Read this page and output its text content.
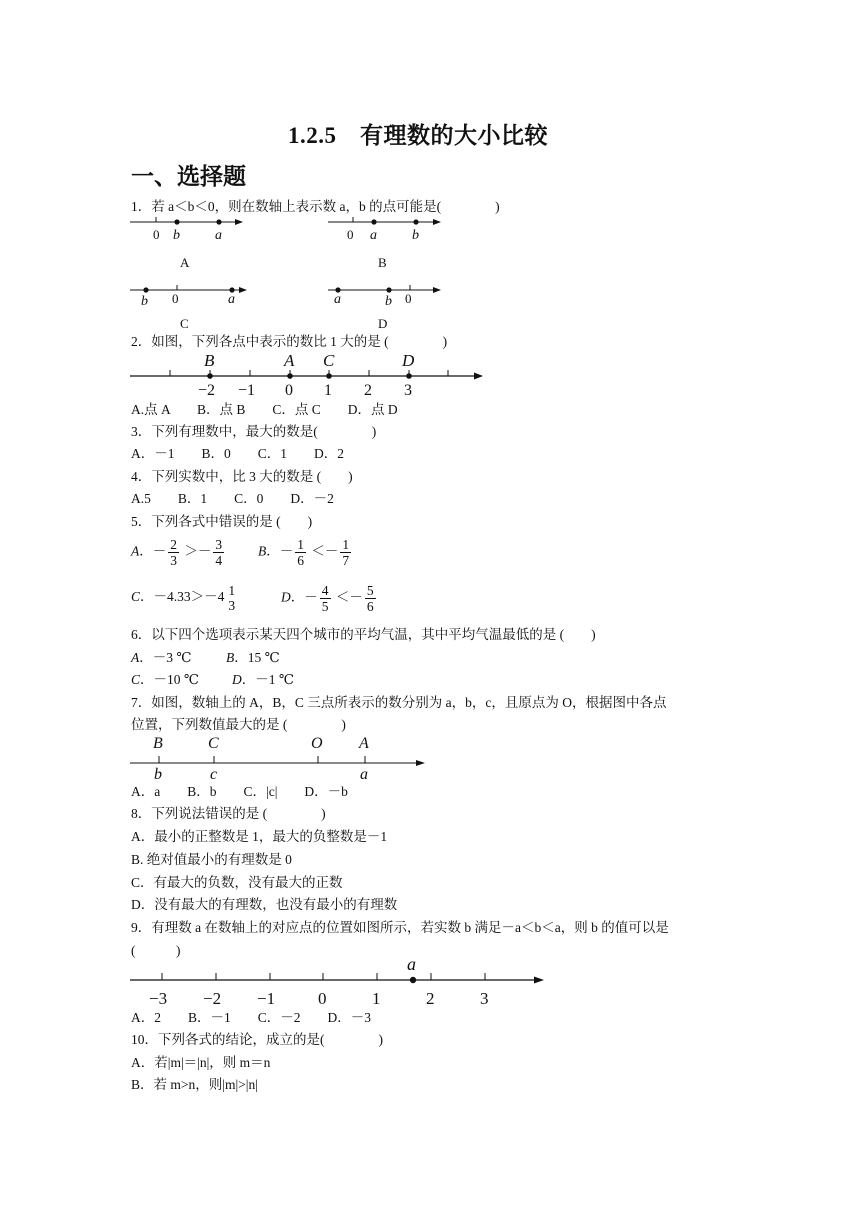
1.2.5　有理数的大小比较
一、选择题
1．若 a＜b＜0，则在数轴上表示数 a，b 的点可能是(　　　　)
0 b	a
A
0 a	b
B
b 0	a
C
a	b 0
D
2．如图，下列各点中表示的数比 1 大的是 (　　　　)
B	A C	D
−2 −1 0 1 2 3
A.点 A　　B．点 B　　C．点 C　　D．点 D
3．下列有理数中，最大的数是(　　　　)
A．－1　　B．0　　C．1　　D．2
4．下列实数中，比 3 大的数是 (　　)
A.5　　B．1　　C．0　　D．－2
5．下列各式中错误的是 (　　)
A．－ $\frac{2}{3} >- \frac{3}{4}$	B．－ $\frac{1}{6} <- \frac{1}{7}$
C．－4.33＞－4 1
3
D．－ $\frac{4}{5} <- \frac{5}{6}$
6．以下四个选项表示某天四个城市的平均气温，其中平均气温最低的是 (　　)
A．－3 ℃	B．15 ℃
C．－10 ℃ D．－1 ℃
7．如图，数轴上的 A，B，C 三点所表示的数分别为 a，b，c，且原点为 O，根据图中各点
位置，下列数值最大的是 (　　　　)
B	C	O A
b	c	a
A．a　　B．b　　C．|c|　　D．－b
8．下列说法错误的是 (　　　　)
A．最小的正整数是 1，最大的负整数是－1
B. 绝对值最小的有理数是 0
C．有最大的负数，没有最大的正数
D．没有最大的有理数，也没有最小的有理数
9．有理数 a 在数轴上的对应点的位置如图所示，若实数 b 满足－a＜b＜a，则 b 的值可以是
(　　　)
a
−3 −2 −1	0	1	2	3
A．2　　B．－1　　C．－2　　D．－3
10．下列各式的结论，成立的是(　　　　)
A．若|m|＝|n|，则 m＝n
B．若 m>n，则|m|>|n|
